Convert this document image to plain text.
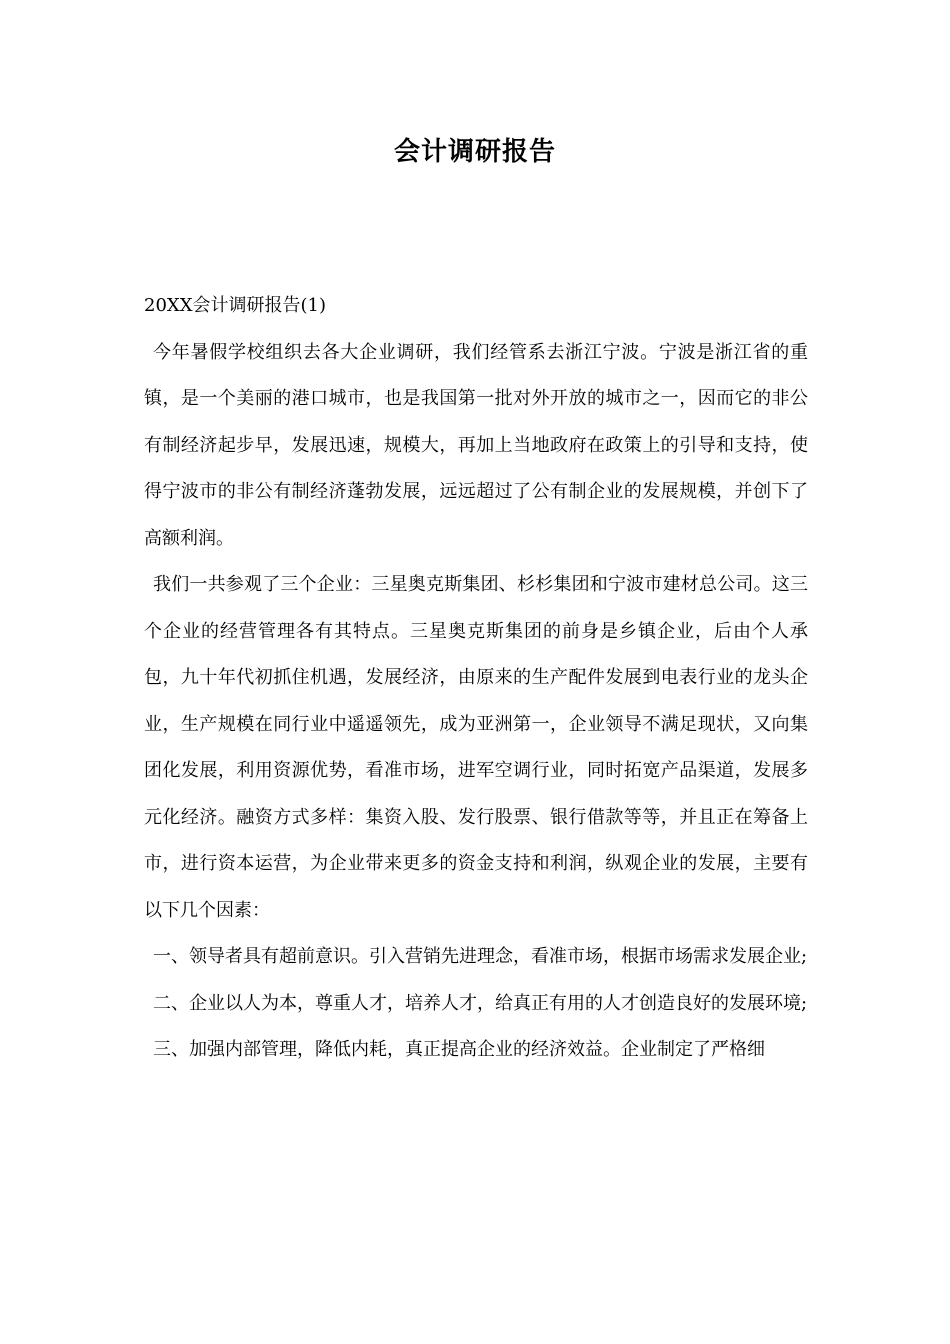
会计调研报告

20XX会计调研报告(1)

今年暑假学校组织去各大企业调研，我们经管系去浙江宁波。宁波是浙江省的重镇，是一个美丽的港口城市，也是我国第一批对外开放的城市之一，因而它的非公有制经济起步早，发展迅速，规模大，再加上当地政府在政策上的引导和支持，使得宁波市的非公有制经济蓬勃发展，远远超过了公有制企业的发展规模，并创下了高额利润。

我们一共参观了三个企业：三星奥克斯集团、杉杉集团和宁波市建材总公司。这三个企业的经营管理各有其特点。三星奥克斯集团的前身是乡镇企业，后由个人承包，九十年代初抓住机遇，发展经济，由原来的生产配件发展到电表行业的龙头企业，生产规模在同行业中遥遥领先，成为亚洲第一，企业领导不满足现状，又向集团化发展，利用资源优势，看准市场，进军空调行业，同时拓宽产品渠道，发展多元化经济。融资方式多样：集资入股、发行股票、银行借款等等，并且正在筹备上市，进行资本运营，为企业带来更多的资金支持和利润，纵观企业的发展，主要有以下几个因素：

一、领导者具有超前意识。引入营销先进理念，看准市场，根据市场需求发展企业;

二、企业以人为本，尊重人才，培养人才，给真正有用的人才创造良好的发展环境;

三、加强内部管理，降低内耗，真正提高企业的经济效益。企业制定了严格细
